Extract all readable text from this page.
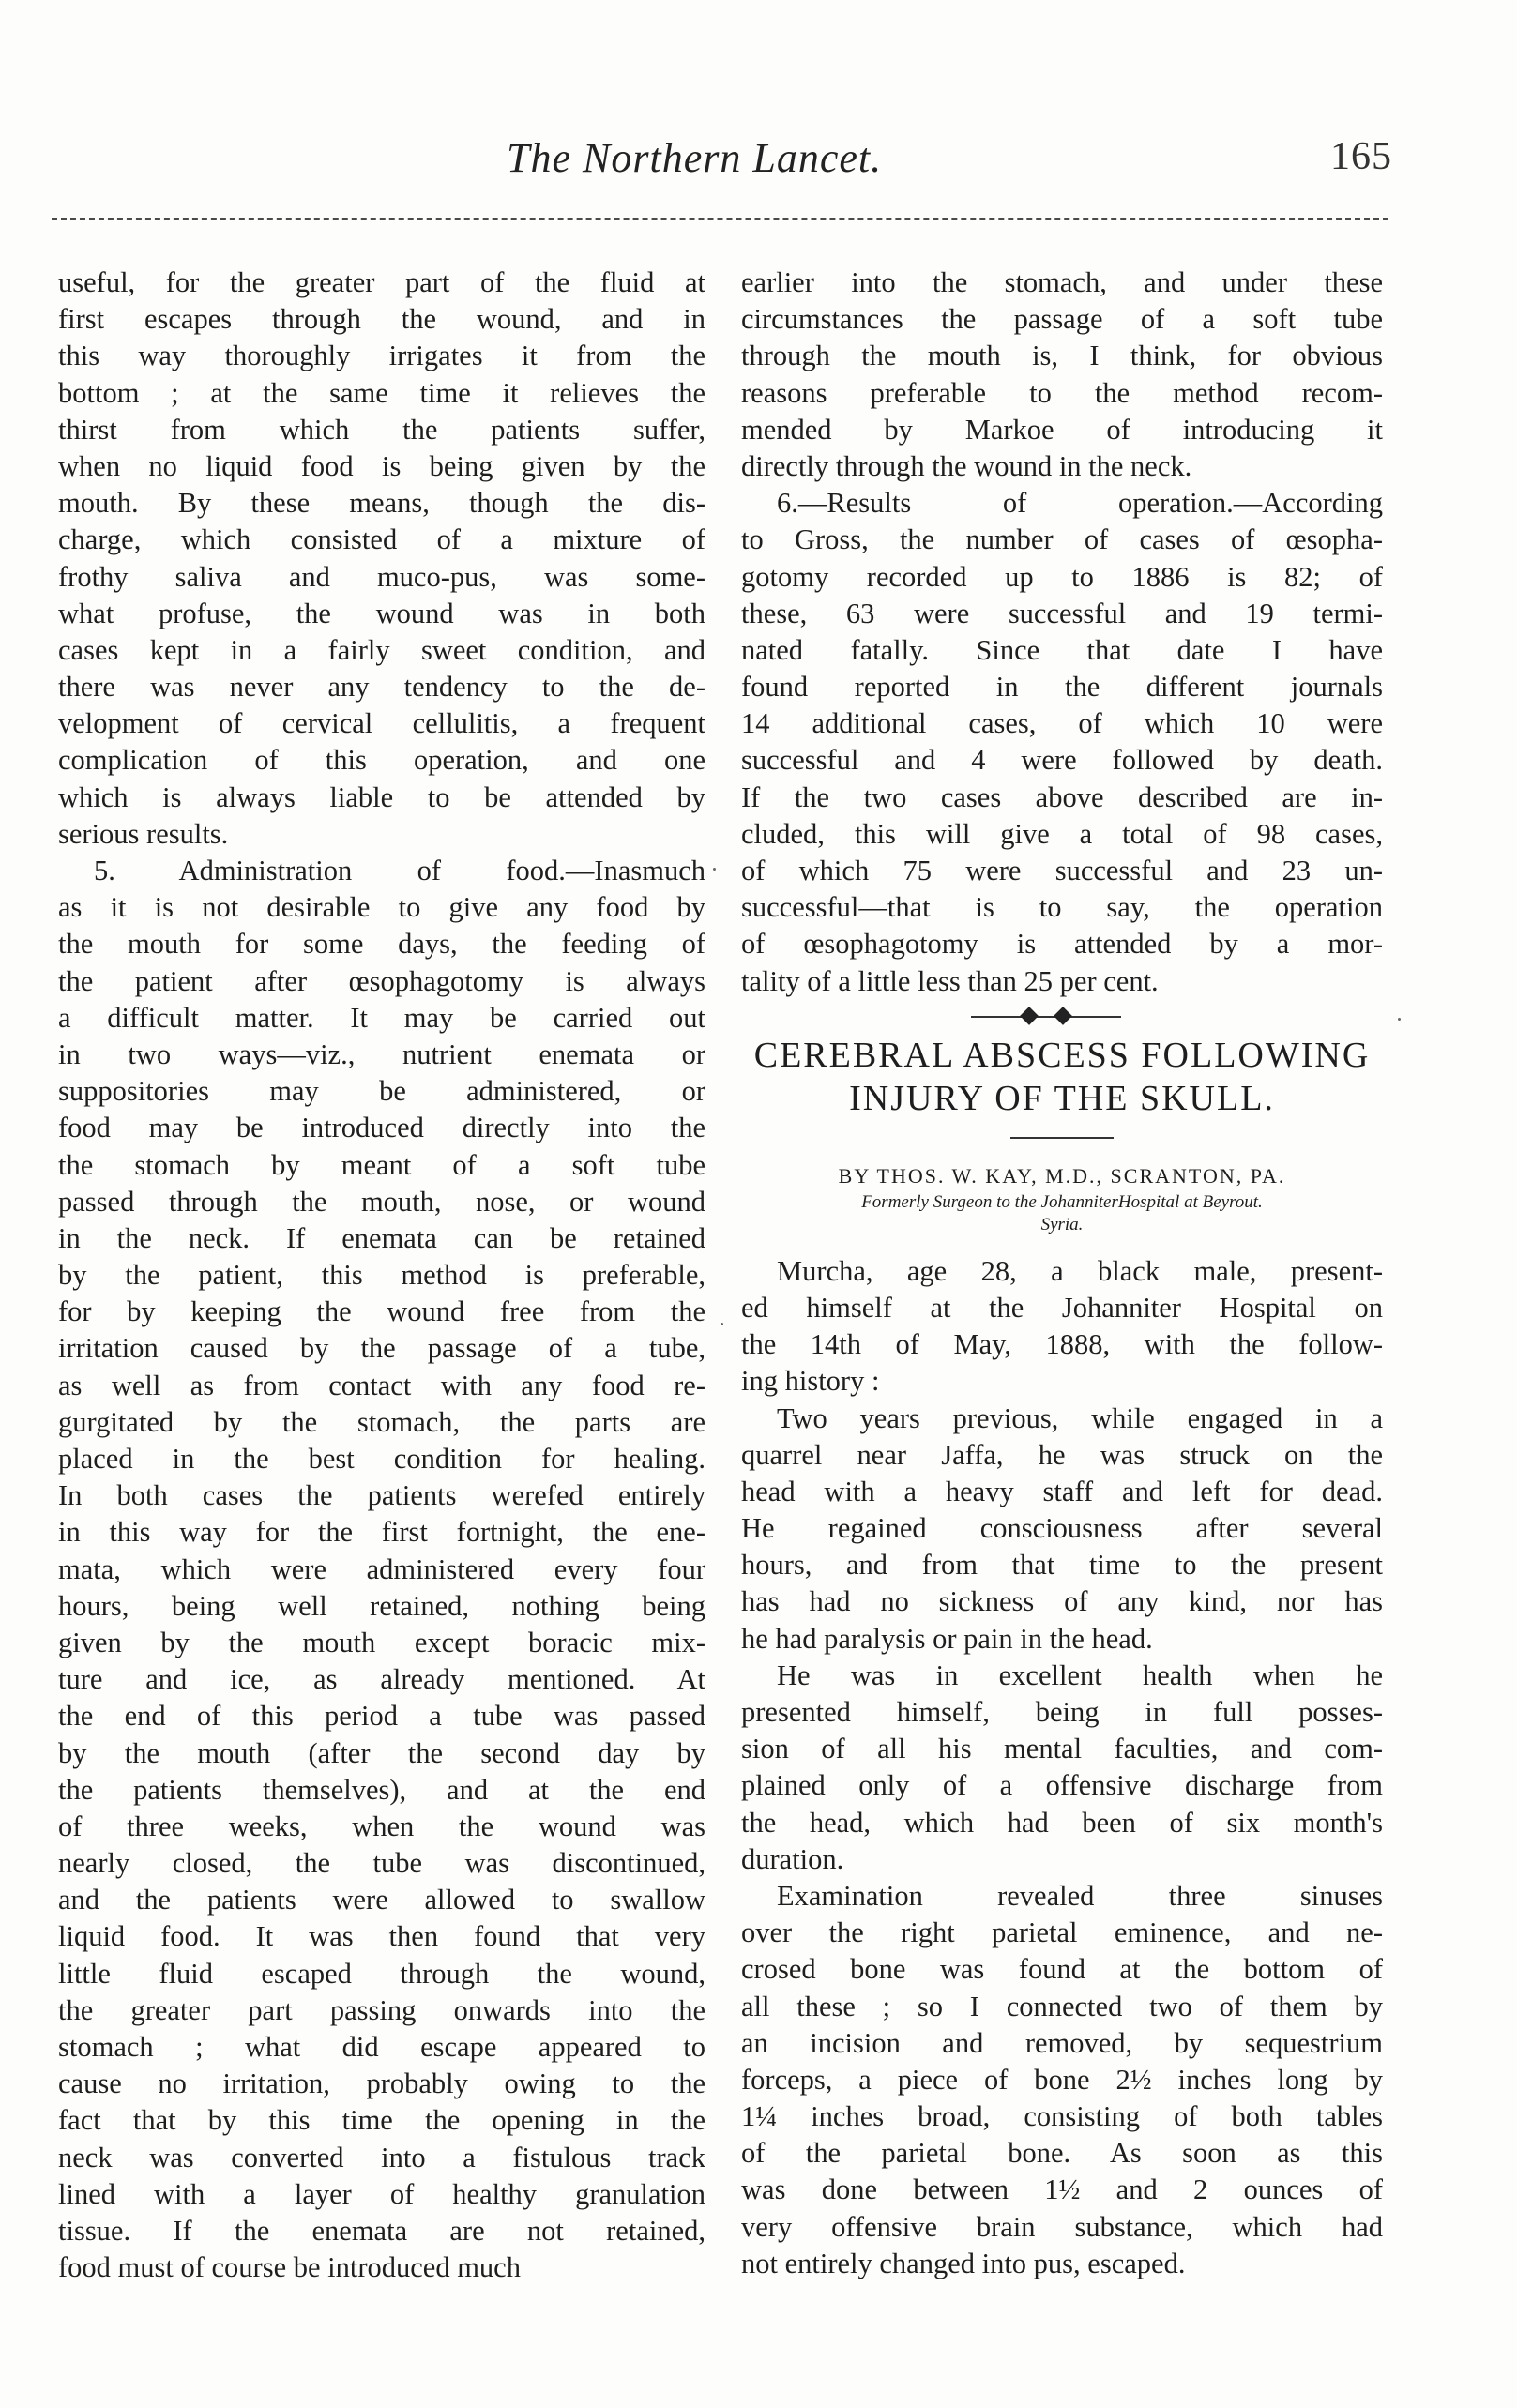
The Northern Lancet.	165
useful, for the greater part of the fluid at
first escapes through the wound, and in
this way thoroughly irrigates it from the
bottom ; at the same time it relieves the
thirst from which the patients suffer,
when no liquid food is being given by the
mouth. By these means, though the dis-
charge, which consisted of a mixture of
frothy saliva and muco-pus, was some-
what profuse, the wound was in both
cases kept in a fairly sweet condition, and
there was never any tendency to the de-
velopment of cervical cellulitis, a frequent
complication of this operation, and one
which is always liable to be attended by
serious results.
5. Administration of food.—Inasmuch
as it is not desirable to give any food by
the mouth for some days, the feeding of
the patient after œsophagotomy is always
a difficult matter. It may be carried out
in two ways—viz., nutrient enemata or
suppositories may be administered, or
food may be introduced directly into the
the stomach by meant of a soft tube
passed through the mouth, nose, or wound
in the neck. If enemata can be retained
by the patient, this method is preferable,
for by keeping the wound free from the
irritation caused by the passage of a tube,
as well as from contact with any food re-
gurgitated by the stomach, the parts are
placed in the best condition for healing.
In both cases the patients werefed entirely
in this way for the first fortnight, the ene-
mata, which were administered every four
hours, being well retained, nothing being
given by the mouth except boracic mix-
ture and ice, as already mentioned. At
the end of this period a tube was passed
by the mouth (after the second day by
the patients themselves), and at the end
of three weeks, when the wound was
nearly closed, the tube was discontinued,
and the patients were allowed to swallow
liquid food. It was then found that very
little fluid escaped through the wound,
the greater part passing onwards into the
stomach ; what did escape appeared to
cause no irritation, probably owing to the
fact that by this time the opening in the
neck was converted into a fistulous track
lined with a layer of healthy granulation
tissue. If the enemata are not retained,
food must of course be introduced much
earlier into the stomach, and under these
circumstances the passage of a soft tube
through the mouth is, I think, for obvious
reasons preferable to the method recom-
mended by Markoe of introducing it
directly through the wound in the neck.
6.—Results of operation.—According
to Gross, the number of cases of œsopha-
gotomy recorded up to 1886 is 82; of
these, 63 were successful and 19 termi-
nated fatally. Since that date I have
found reported in the different journals
14 additional cases, of which 10 were
successful and 4 were followed by death.
If the two cases above described are in-
cluded, this will give a total of 98 cases,
of which 75 were successful and 23 un-
successful—that is to say, the operation
of œsophagotomy is attended by a mor-
tality of a little less than 25 per cent.
CEREBRAL ABSCESS FOLLOWING
INJURY OF THE SKULL.
BY THOS. W. KAY, M.D., SCRANTON, PA.
Formerly Surgeon to the JohanniterHospital at Beyrout.
Syria.
Murcha, age 28, a black male, present-
ed himself at the Johanniter Hospital on
the 14th of May, 1888, with the follow-
ing history :
Two years previous, while engaged in a
quarrel near Jaffa, he was struck on the
head with a heavy staff and left for dead.
He regained consciousness after several
hours, and from that time to the present
has had no sickness of any kind, nor has
he had paralysis or pain in the head.
He was in excellent health when he
presented himself, being in full posses-
sion of all his mental faculties, and com-
plained only of a offensive discharge from
the head, which had been of six month's
duration.
Examination revealed three sinuses
over the right parietal eminence, and ne-
crosed bone was found at the bottom of
all these ; so I connected two of them by
an incision and removed, by sequestrium
forceps, a piece of bone 2½ inches long by
1¼ inches broad, consisting of both tables
of the parietal bone. As soon as this
was done between 1½ and 2 ounces of
very offensive brain substance, which had
not entirely changed into pus, escaped.
